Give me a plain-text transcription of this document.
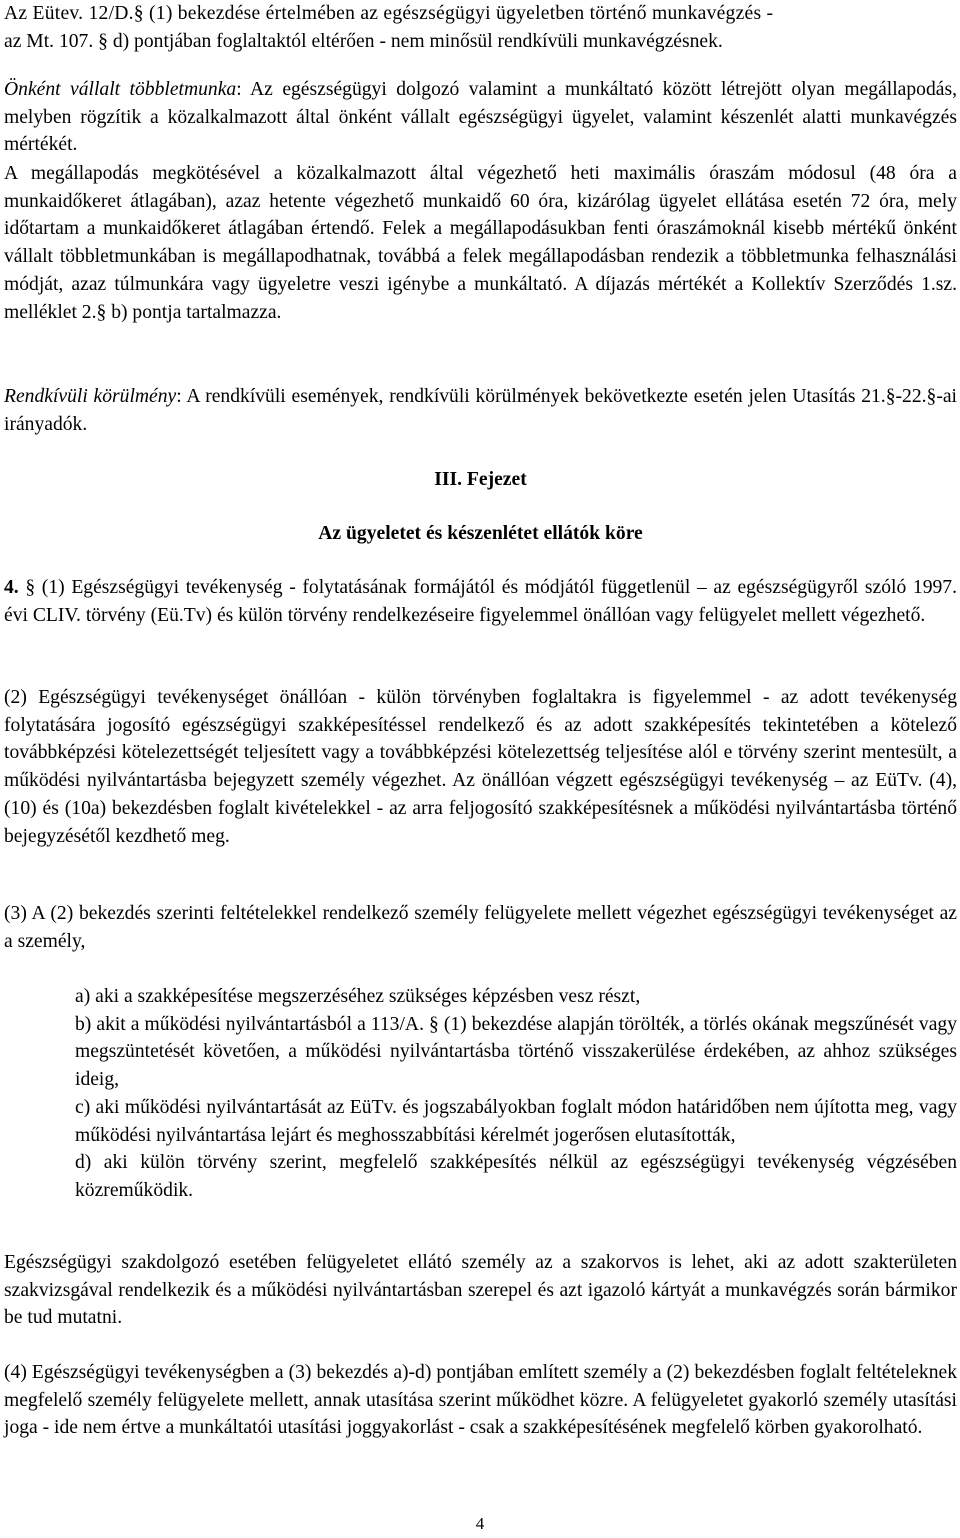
Az Eütev. 12/D.§ (1) bekezdése értelmében az egészségügyi ügyeletben történő munkavégzés -

az Mt. 107. § d) pontjában foglaltaktól eltérően - nem minősül rendkívüli munkavégzésnek.

Önként vállalt többletmunka: Az egészségügyi dolgozó valamint a munkáltató között létrejött olyan megállapodás, melyben rögzítik a közalkalmazott által önként vállalt egészségügyi ügyelet, valamint készenlét alatti munkavégzés mértékét.

A megállapodás megkötésével a közalkalmazott által végezhető heti maximális óraszám módosul (48 óra a munkaidőkeret átlagában), azaz hetente végezhető munkaidő 60 óra, kizárólag ügyelet ellátása esetén 72 óra, mely időtartam a munkaidőkeret átlagában értendő. Felek a megállapodásukban fenti óraszámoknál kisebb mértékű önként vállalt többletmunkában is megállapodhatnak, továbbá a felek megállapodásban rendezik a többletmunka felhasználási módját, azaz túlmunkára vagy ügyeletre veszi igénybe a munkáltató. A díjazás mértékét a Kollektív Szerződés 1.sz. melléklet 2.§ b) pontja tartalmazza.

Rendkívüli körülmény: A rendkívüli események, rendkívüli körülmények bekövetkezte esetén jelen Utasítás 21.§-22.§-ai irányadók.

III. Fejezet

Az ügyeletet és készenlétet ellátók köre

4. § (1) Egészségügyi tevékenység - folytatásának formájától és módjától függetlenül – az egészségügyről szóló 1997. évi CLIV. törvény (Eü.Tv) és külön törvény rendelkezéseire figyelemmel önállóan vagy felügyelet mellett végezhető.

(2) Egészségügyi tevékenységet önállóan - külön törvényben foglaltakra is figyelemmel - az adott tevékenység folytatására jogosító egészségügyi szakképesítéssel rendelkező és az adott szakképesítés tekintetében a kötelező továbbképzési kötelezettségét teljesített vagy a továbbképzési kötelezettség teljesítése alól e törvény szerint mentesült, a működési nyilvántartásba bejegyzett személy végezhet. Az önállóan végzett egészségügyi tevékenység – az EüTv. (4), (10) és (10a) bekezdésben foglalt kivételekkel - az arra feljogosító szakképesítésnek a működési nyilvántartásba történő bejegyzésétől kezdhető meg.

(3) A (2) bekezdés szerinti feltételekkel rendelkező személy felügyelete mellett végezhet egészségügyi tevékenységet az a személy,

a) aki a szakképesítése megszerzéséhez szükséges képzésben vesz részt,

b) akit a működési nyilvántartásból a 113/A. § (1) bekezdése alapján törölték, a törlés okának megszűnését vagy megszüntetését követően, a működési nyilvántartásba történő visszakerülése érdekében, az ahhoz szükséges ideig,

c) aki működési nyilvántartását az EüTv. és jogszabályokban foglalt módon határidőben nem újította meg, vagy működési nyilvántartása lejárt és meghosszabbítási kérelmét jogerősen elutasították,

d) aki külön törvény szerint, megfelelő szakképesítés nélkül az egészségügyi tevékenység végzésében közreműködik.

Egészségügyi szakdolgozó esetében felügyeletet ellátó személy az a szakorvos is lehet, aki az adott szakterületen szakvizsgával rendelkezik és a működési nyilvántartásban szerepel és azt igazoló kártyát a munkavégzés során bármikor be tud mutatni.

(4) Egészségügyi tevékenységben a (3) bekezdés a)-d) pontjában említett személy a (2) bekezdésben foglalt feltételeknek megfelelő személy felügyelete mellett, annak utasítása szerint működhet közre. A felügyeletet gyakorló személy utasítási joga - ide nem értve a munkáltatói utasítási joggyakorlást - csak a szakképesítésének megfelelő körben gyakorolható.

4
